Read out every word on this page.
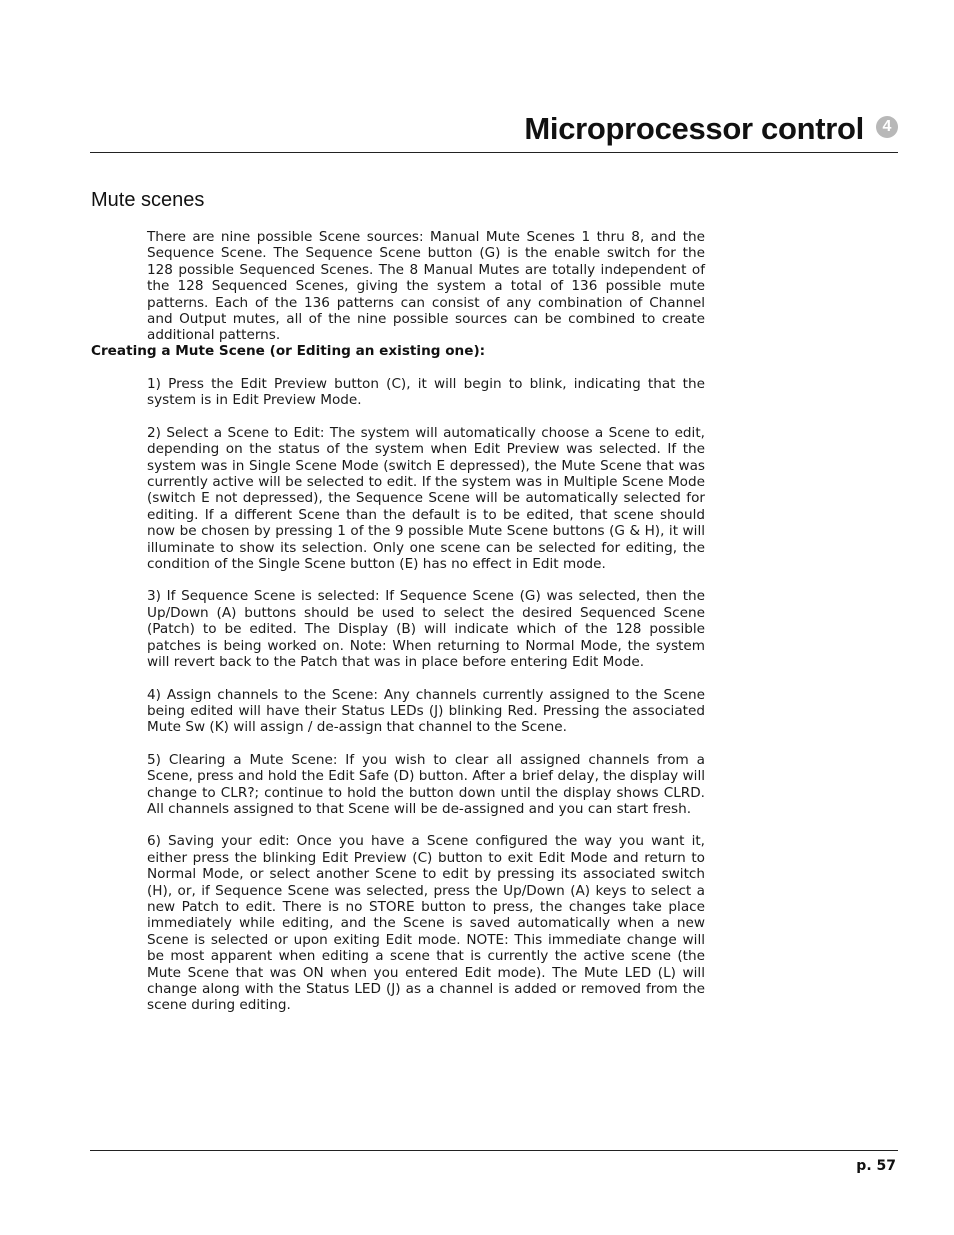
Microprocessor control	4
Mute scenes

There are nine possible Scene sources: Manual Mute Scenes 1 thru 8, and the Sequence Scene. The Sequence Scene button (G) is the enable switch for the 128 possible Sequenced Scenes. The 8 Manual Mutes are totally independent of the 128 Sequenced Scenes, giving the system a total of 136 possible mute patterns. Each of the 136 patterns can consist of any combination of Channel and Output mutes, all of the nine possible sources can be combined to create additional patterns.

Creating a Mute Scene (or Editing an existing one):

1) Press the Edit Preview button (C), it will begin to blink, indicating that the system is in Edit Preview Mode.

2) Select a Scene to Edit: The system will automatically choose a Scene to edit, depending on the status of the system when Edit Preview was selected. If the system was in Single Scene Mode (switch E depressed), the Mute Scene that was currently active will be selected to edit. If the system was in Multiple Scene Mode (switch E not depressed), the Sequence Scene will be automatically selected for editing. If a different Scene than the default is to be edited, that scene should now be chosen by pressing 1 of the 9 possible Mute Scene buttons (G & H), it will illuminate to show its selection. Only one scene can be selected for editing, the condition of the Single Scene button (E) has no effect in Edit mode.

3) If Sequence Scene is selected: If Sequence Scene (G) was selected, then the Up/Down (A) buttons should be used to select the desired Sequenced Scene (Patch) to be edited. The Display (B) will indicate which of the 128 possible patches is being worked on. Note: When returning to Normal Mode, the system will revert back to the Patch that was in place before entering Edit Mode.

4) Assign channels to the Scene: Any channels currently assigned to the Scene being edited will have their Status LEDs (J) blinking Red. Pressing the associated Mute Sw (K) will assign / de-assign that channel to the Scene.

5) Clearing a Mute Scene: If you wish to clear all assigned channels from a Scene, press and hold the Edit Safe (D) button. After a brief delay, the display will change to CLR?; continue to hold the button down until the display shows CLRD. All channels assigned to that Scene will be de-assigned and you can start fresh.

6) Saving your edit: Once you have a Scene configured the way you want it, either press the blinking Edit Preview (C) button to exit Edit Mode and return to Normal Mode, or select another Scene to edit by pressing its associated switch (H), or, if Sequence Scene was selected, press the Up/Down (A) keys to select a new Patch to edit. There is no STORE button to press, the changes take place immediately while editing, and the Scene is saved automatically when a new Scene is selected or upon exiting Edit mode. NOTE: This immediate change will be most apparent when editing a scene that is currently the active scene (the Mute Scene that was ON when you entered Edit mode). The Mute LED (L) will change along with the Status LED (J) as a channel is added or removed from the scene during editing.

p. 57
